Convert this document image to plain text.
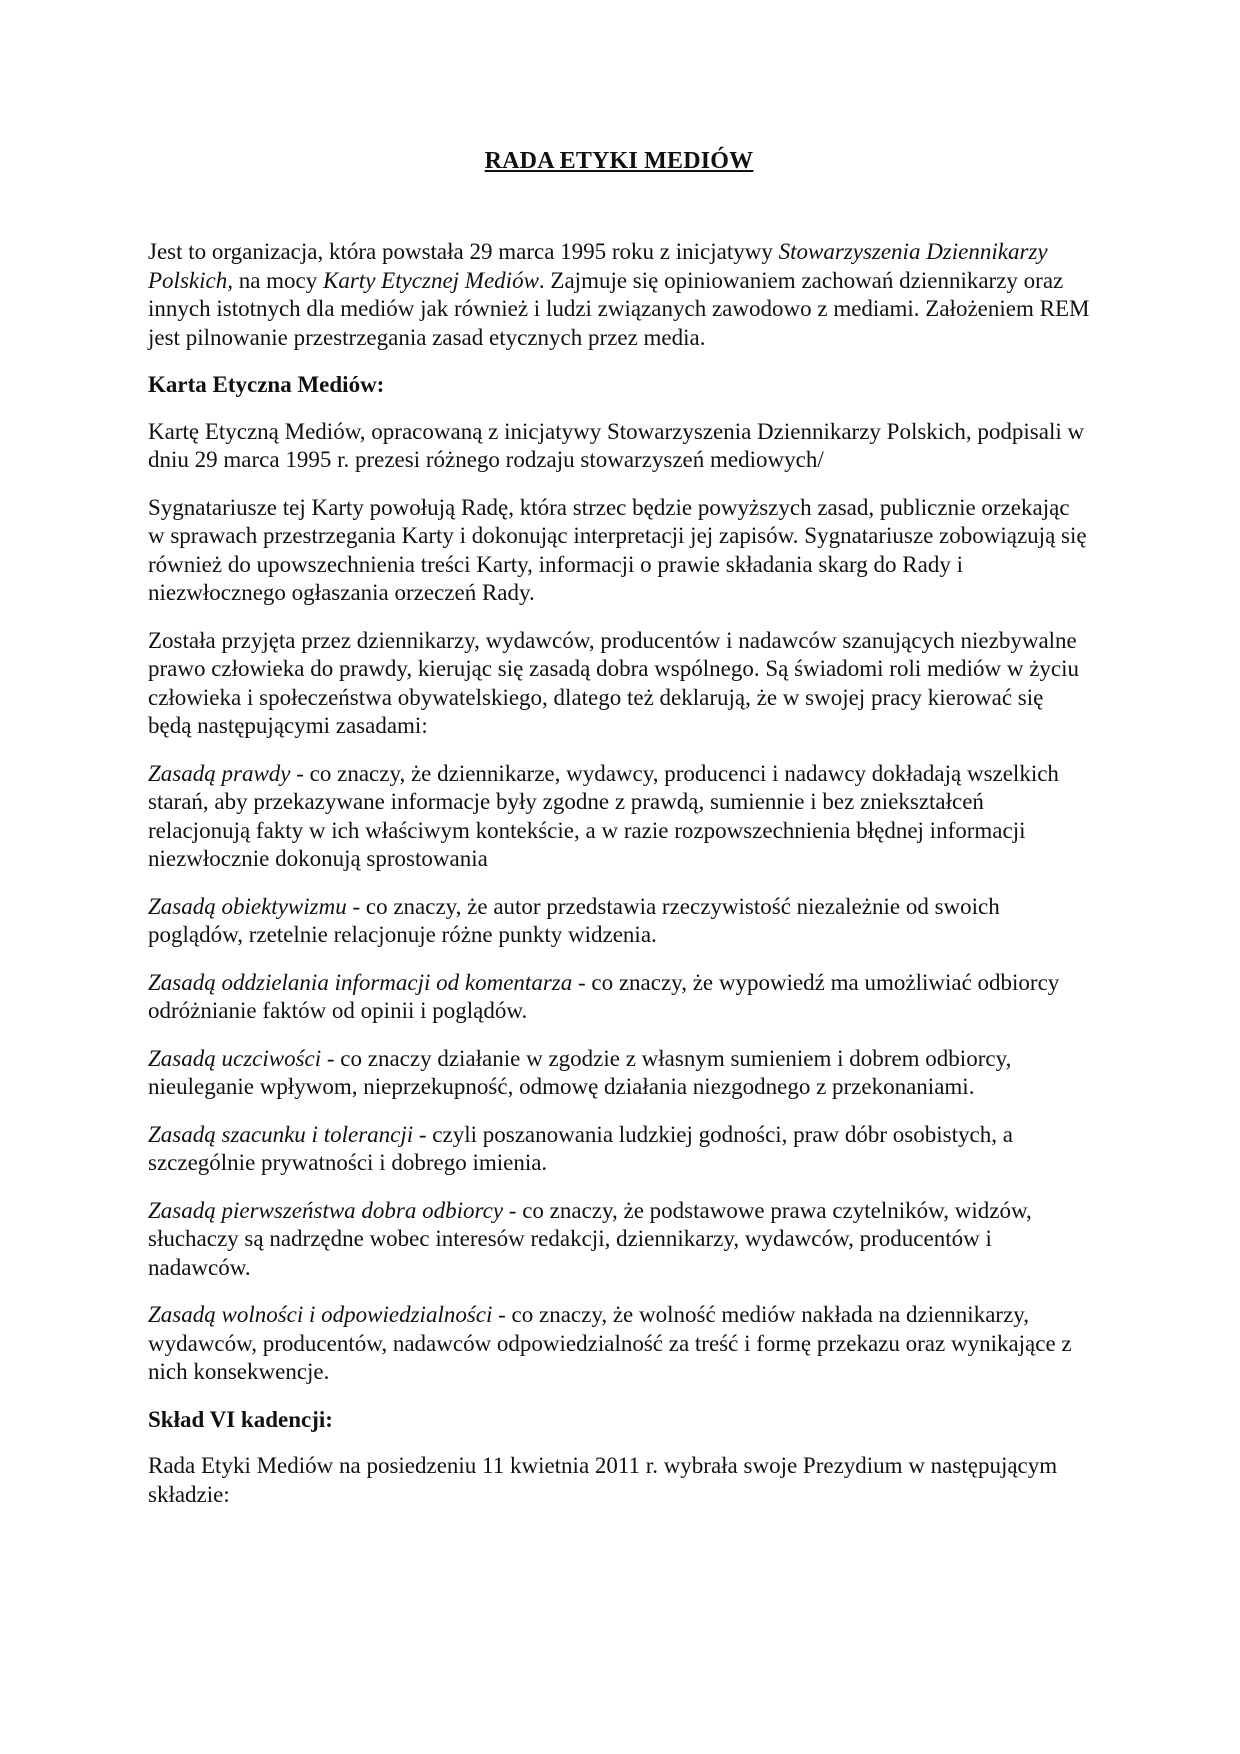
RADA ETYKI MEDIÓW

Jest to organizacja, która powstała 29 marca 1995 roku z inicjatywy Stowarzyszenia Dziennikarzy Polskich, na mocy Karty Etycznej Mediów. Zajmuje się opiniowaniem zachowań dziennikarzy oraz innych istotnych dla mediów jak również i ludzi związanych zawodowo z mediami. Założeniem REM jest pilnowanie przestrzegania zasad etycznych przez media.

Karta Etyczna Mediów:

Kartę Etyczną Mediów, opracowaną z inicjatywy Stowarzyszenia Dziennikarzy Polskich, podpisali w dniu 29 marca 1995 r. prezesi różnego rodzaju stowarzyszeń mediowych/

Sygnatariusze tej Karty powołują Radę, która strzec będzie powyższych zasad, publicznie orzekając w sprawach przestrzegania Karty i dokonując interpretacji jej zapisów. Sygnatariusze zobowiązują się również do upowszechnienia treści Karty, informacji o prawie składania skarg do Rady i niezwłocznego ogłaszania orzeczeń Rady.

Została przyjęta przez dziennikarzy, wydawców, producentów i nadawców szanujących niezbywalne prawo człowieka do prawdy, kierując się zasadą dobra wspólnego. Są świadomi roli mediów w życiu człowieka i społeczeństwa obywatelskiego, dlatego też deklarują, że w swojej pracy kierować się będą następującymi zasadami:

Zasadą prawdy - co znaczy, że dziennikarze, wydawcy, producenci i nadawcy dokładają wszelkich starań, aby przekazywane informacje były zgodne z prawdą, sumiennie i bez zniekształceń relacjonują fakty w ich właściwym kontekście, a w razie rozpowszechnienia błędnej informacji niezwłocznie dokonują sprostowania

Zasadą obiektywizmu - co znaczy, że autor przedstawia rzeczywistość niezależnie od swoich poglądów, rzetelnie relacjonuje różne punkty widzenia.

Zasadą oddzielania informacji od komentarza - co znaczy, że wypowiedź ma umożliwiać odbiorcy odróżnianie faktów od opinii i poglądów.

Zasadą uczciwości - co znaczy działanie w zgodzie z własnym sumieniem i dobrem odbiorcy, nieuleganie wpływom, nieprzekupność, odmowę działania niezgodnego z przekonaniami.

Zasadą szacunku i tolerancji - czyli poszanowania ludzkiej godności, praw dóbr osobistych, a szczególnie prywatności i dobrego imienia.

Zasadą pierwszeństwa dobra odbiorcy - co znaczy, że podstawowe prawa czytelników, widzów, słuchaczy są nadrzędne wobec interesów redakcji, dziennikarzy, wydawców, producentów i nadawców.

Zasadą wolności i odpowiedzialności - co znaczy, że wolność mediów nakłada na dziennikarzy, wydawców, producentów, nadawców odpowiedzialność za treść i formę przekazu oraz wynikające z nich konsekwencje.

Skład VI kadencji:

Rada Etyki Mediów na posiedzeniu 11 kwietnia 2011 r. wybrała swoje Prezydium w następującym składzie:
